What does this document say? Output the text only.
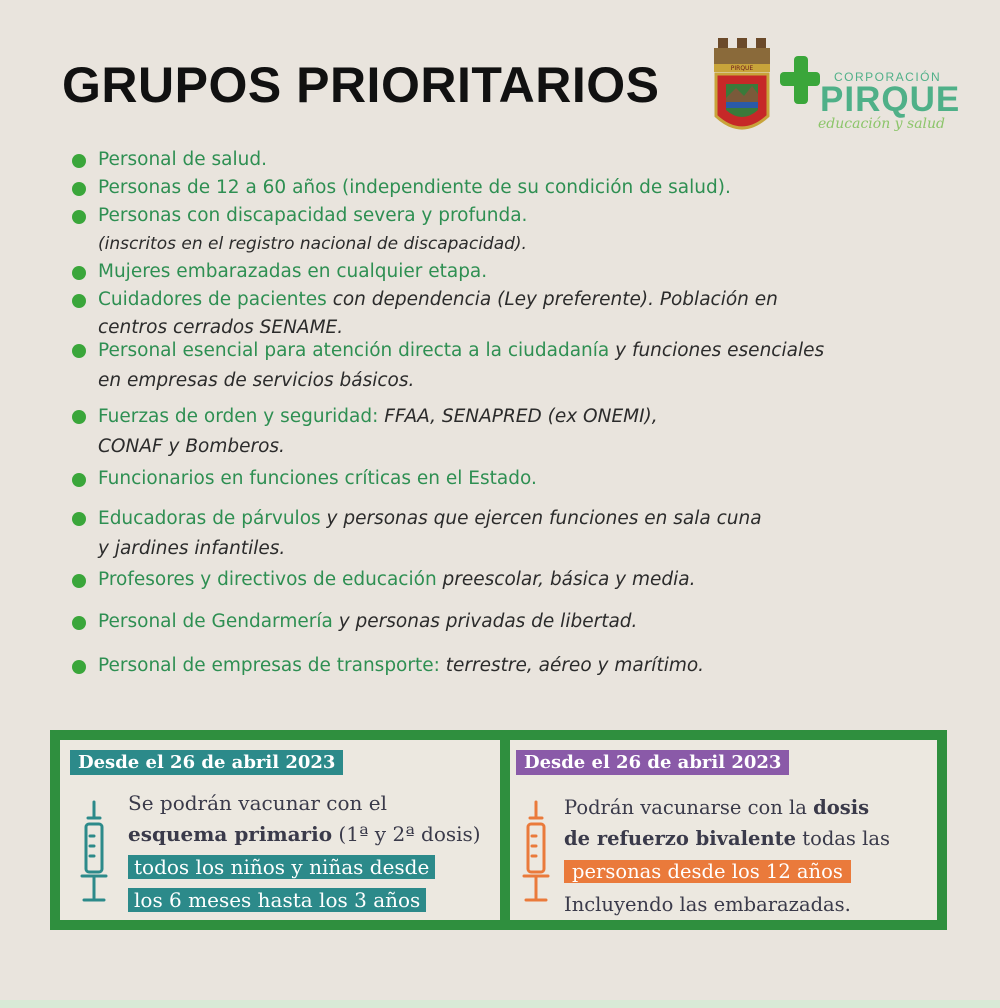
GRUPOS PRIORITARIOS	PIRQUE
CORPORACIÓN
PIRQUE
educación y salud
Personal de salud.
Personas de 12 a 60 años (independiente de su condición de salud).
Personas con discapacidad severa y profunda.
(inscritos en el registro nacional de discapacidad).
Mujeres embarazadas en cualquier etapa.
Cuidadores de pacientes con dependencia (Ley preferente). Población en
centros cerrados SENAME.
Personal esencial para atención directa a la ciudadanía y funciones esenciales
en empresas de servicios básicos.
Fuerzas de orden y seguridad: FFAA, SENAPRED (ex ONEMI),
CONAF y Bomberos.
Funcionarios en funciones críticas en el Estado.
Educadoras de párvulos y personas que ejercen funciones en sala cuna
y jardines infantiles.
Profesores y directivos de educación preescolar, básica y media.
Personal de Gendarmería y personas privadas de libertad.
Personal de empresas de transporte: terrestre, aéreo y marítimo.
Desde el 26 de abril 2023
Se podrán vacunar con el
esquema primario (1ª y 2ª dosis)
todos los niños y niñas desde
los 6 meses hasta los 3 años
Desde el 26 de abril 2023
Podrán vacunarse con la dosis
de refuerzo bivalente todas las
personas desde los 12 años
Incluyendo las embarazadas.
